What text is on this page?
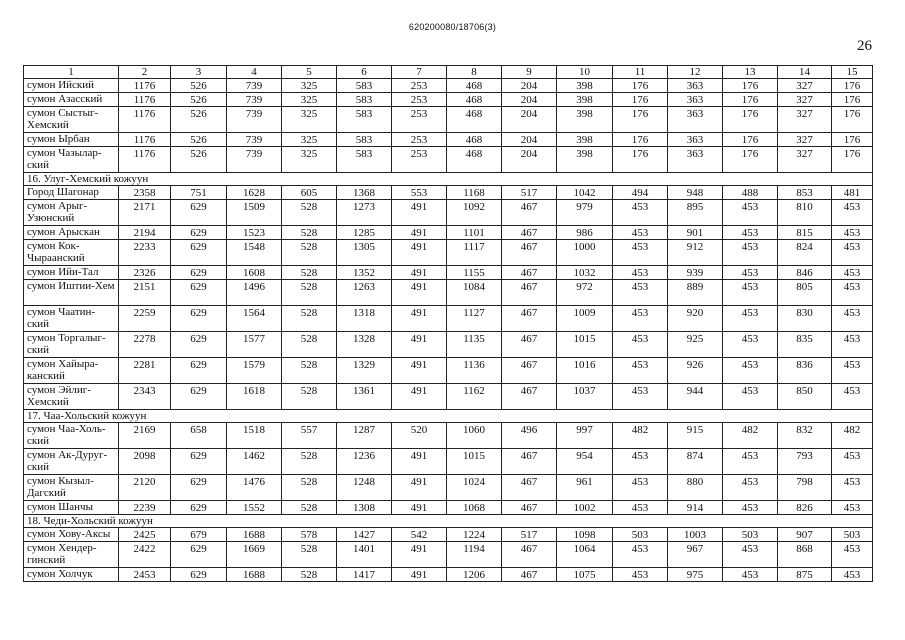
620200080/18706(3)
26
1	2	3	4	5	6	7	8	9	10	11	12	13	14	15
сумон Ийский	1176	526	739	325	583	253	468	204	398	176	363	176	327	176
сумон Азасский	1176	526	739	325	583	253	468	204	398	176	363	176	327	176
сумон Сыстыг-Хемский	1176	526	739	325	583	253	468	204	398	176	363	176	327	176
сумон Ырбан	1176	526	739	325	583	253	468	204	398	176	363	176	327	176
сумон Чазылар-ский	1176	526	739	325	583	253	468	204	398	176	363	176	327	176
16. Улуг-Хемский кожуун														
Город Шагонар	2358	751	1628	605	1368	553	1168	517	1042	494	948	488	853	481
сумон Арыг-Узюнский	2171	629	1509	528	1273	491	1092	467	979	453	895	453	810	453
сумон Арыскан	2194	629	1523	528	1285	491	1101	467	986	453	901	453	815	453
сумон Кок-Чыраанский	2233	629	1548	528	1305	491	1117	467	1000	453	912	453	824	453
сумон Ийи-Тал	2326	629	1608	528	1352	491	1155	467	1032	453	939	453	846	453
сумон Иштии-Хем	2151	629	1496	528	1263	491	1084	467	972	453	889	453	805	453
сумон Чаатин-ский	2259	629	1564	528	1318	491	1127	467	1009	453	920	453	830	453
сумон Торгалыг-ский	2278	629	1577	528	1328	491	1135	467	1015	453	925	453	835	453
сумон Хайыра-канский	2281	629	1579	528	1329	491	1136	467	1016	453	926	453	836	453
сумон Эйлиг-Хемский	2343	629	1618	528	1361	491	1162	467	1037	453	944	453	850	453
17. Чаа-Хольский кожуун														
сумон Чаа-Холь-ский	2169	658	1518	557	1287	520	1060	496	997	482	915	482	832	482
сумон Ак-Дуруг-ский	2098	629	1462	528	1236	491	1015	467	954	453	874	453	793	453
сумон Кызыл-Дагский	2120	629	1476	528	1248	491	1024	467	961	453	880	453	798	453
сумон Шанчы	2239	629	1552	528	1308	491	1068	467	1002	453	914	453	826	453
18. Чеди-Хольский кожуун														
сумон Хову-Аксы	2425	679	1688	578	1427	542	1224	517	1098	503	1003	503	907	503
сумон Хендер-гинский	2422	629	1669	528	1401	491	1194	467	1064	453	967	453	868	453
сумон Холчук	2453	629	1688	528	1417	491	1206	467	1075	453	975	453	875	453
